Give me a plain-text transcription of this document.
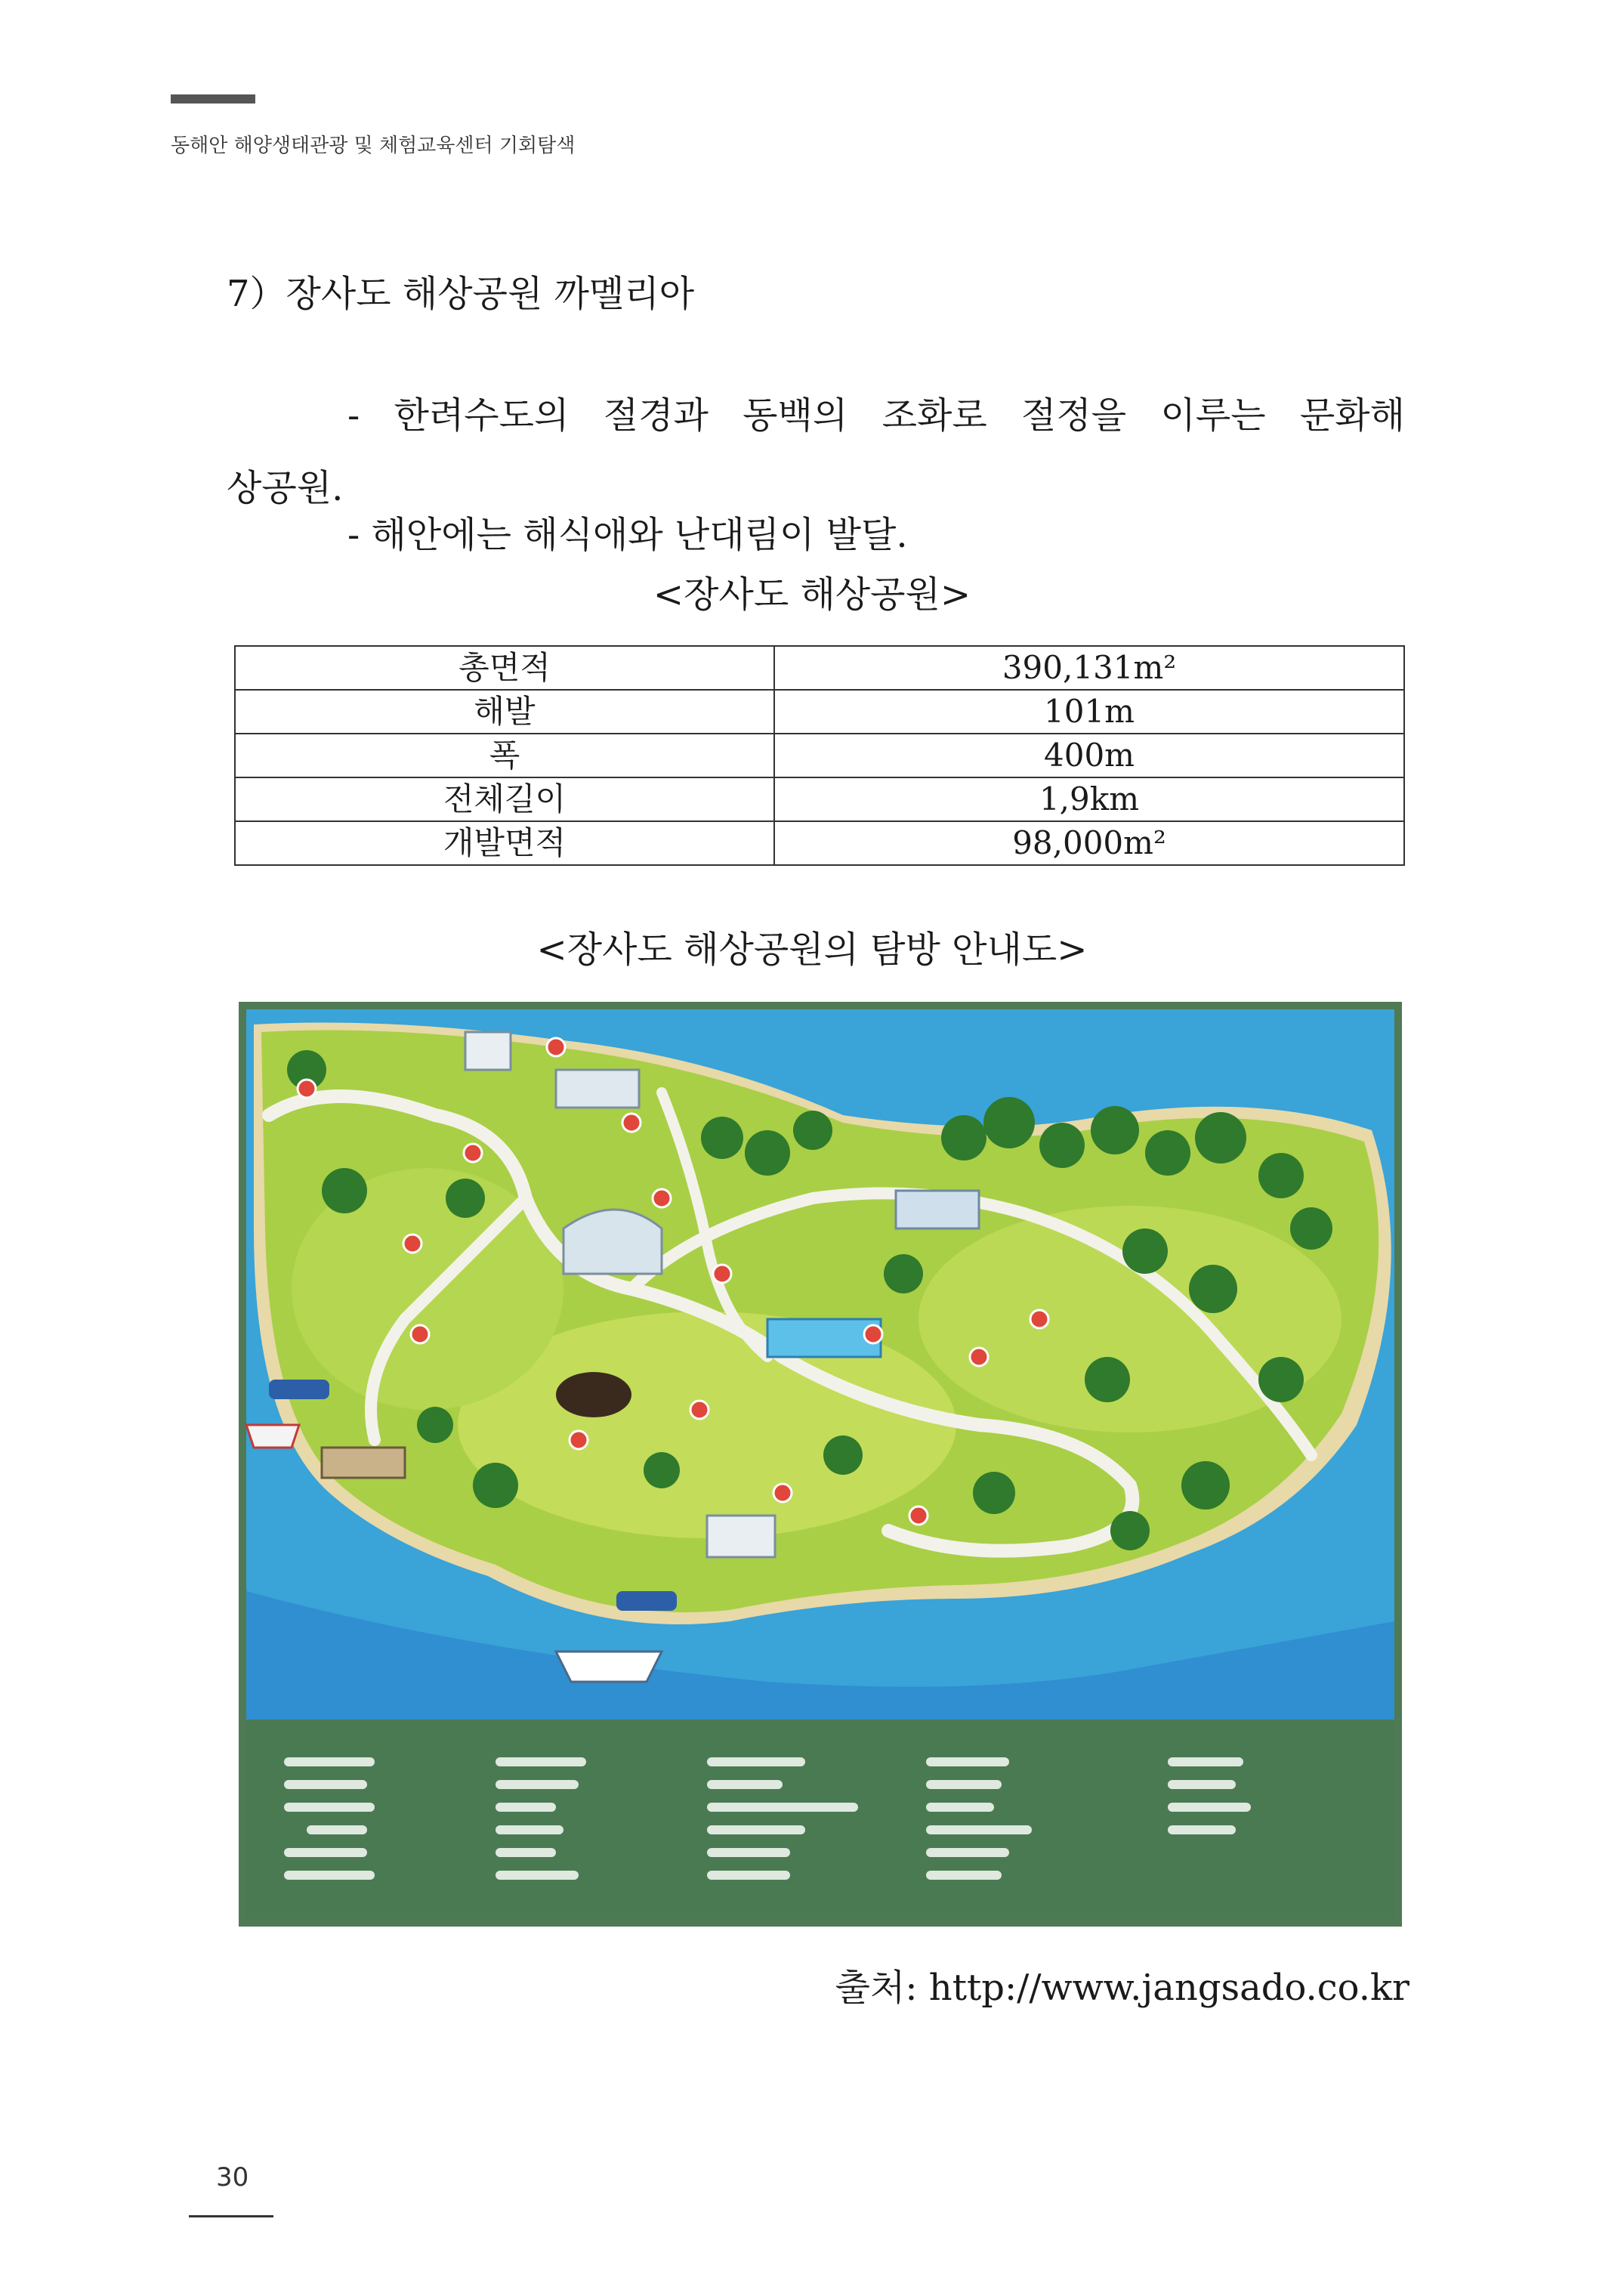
동해안 해양생태관광 및 체험교육센터 기회탐색
7）장사도 해상공원 까멜리아
- 한려수도의 절경과 동백의 조화로 절정을 이루는 문화해
상공원.
- 해안에는 해식애와 난대림이 발달.
<장사도 해상공원>
총면적	390,131m²
해발	101m
폭	400m
전체길이	1,9km
개발면적	98,000m²
<장사도 해상공원의 탐방 안내도>
출처: http://www.jangsado.co.kr
30
